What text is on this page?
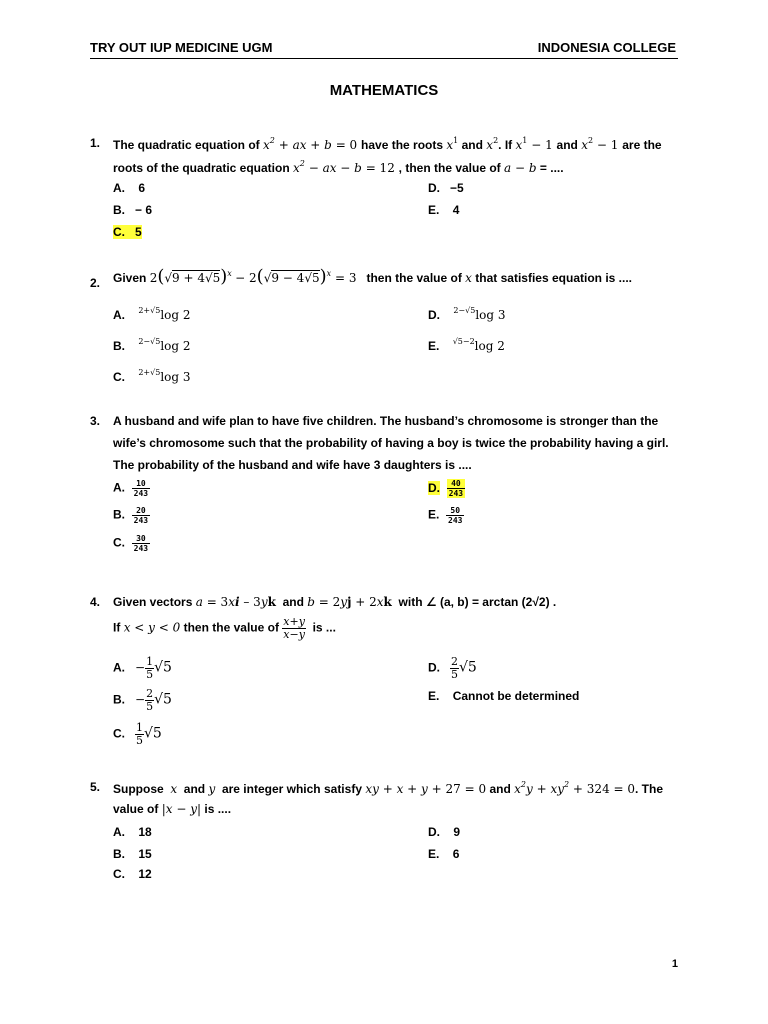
TRY OUT IUP MEDICINE UGM	INDONESIA COLLEGE
MATHEMATICS
1. The quadratic equation of $x^2$ + ax + b = 0 have the roots $x^1$ and $x^2$. If $x^1 - 1$ and $x^2 - 1$ are the
roots of the quadratic equation $x^2$ − ax − b = 12 , then the value of a − b = ....
A. 6
B. − 6
C. 5
D. −5
E. 4
2. Given $2(√9 + 4√5)^x - 2(√9 - 4√5)^x = 3$ then the value of x that satisfies equation is ....
A. $^{2+√5}$log 2
B. $^{2-√5}$log 2
C. $^{2+√5}$log 3
D. $^{2-√5}$log 3
E. $^{√5-2}$log 2
3. A husband and wife plan to have five children. The husband’s chromosome is stronger than the
wife’s chromosome such that the probability of having a boy is twice the probability having a girl.
The probability of the husband and wife have 3 daughters is ....
A. $\frac{10}{243}$
B. $\frac{20}{243}$
C. $\frac{30}{243}$
D. $\frac{40}{243}$
E. $\frac{50}{243}$
4. Given vectors a = 3xi – 3yk and b = 2yj + 2xk with ∠ (a, b) = arctan (2√2) .
If x < y < 0 then the value of $\frac{x+y}{x-y}$ is ...
A. − $\frac{1}{5} √5$
B. − $\frac{2}{5} √5$
C. $\frac{1}{5} √5$
D. $\frac{2}{5} √5$
E. Cannot be determined
5. Suppose x and y are integer which satisfy xy + x + y + 27 = 0 and $x^2y + xy^2 + 324 = 0$. The
value of |x − y| is ....
A. 18
B. 15
C. 12
D. 9
E. 6
1
